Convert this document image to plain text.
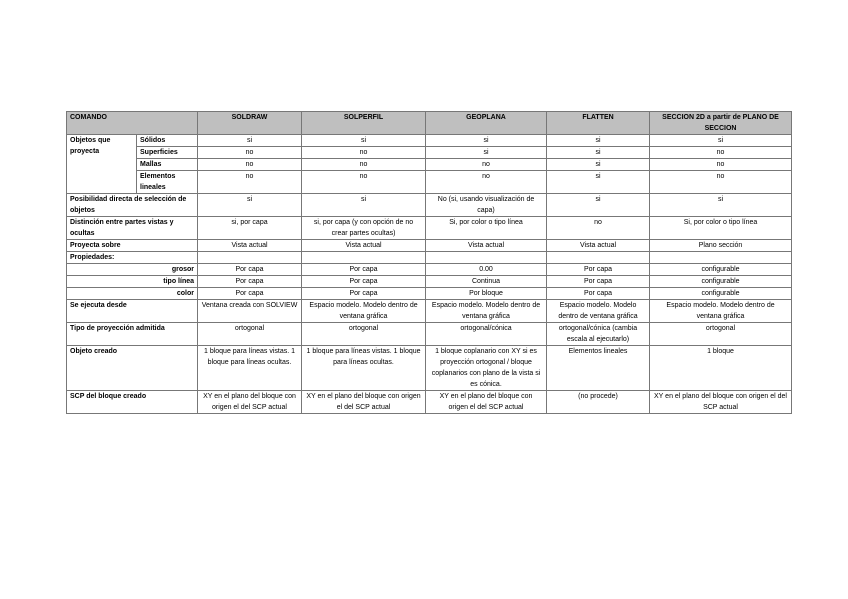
COMANDO		SOLDRAW	SOLPERFIL	GEOPLANA	FLATTEN	SECCION 2D a partir de PLANO DE SECCION
Objetos que proyecta	Sólidos	si	si	si	si	si
	Superficies	no	no	si	si	no
	Mallas	no	no	no	si	no
	Elementos lineales	no	no	no	si	no
Posibilidad directa de selección de objetos		si	si	No (si, usando visualización de capa)	si	si
Distinción entre partes vistas y ocultas		si, por capa	si, por capa (y con opción de no crear partes ocultas)	Si, por color o tipo línea	no	Si, por color o tipo línea
Proyecta sobre		Vista actual	Vista actual	Vista actual	Vista actual	Plano sección
Propiedades:						
grosor		Por capa	Por capa	0.00	Por capa	configurable
tipo línea		Por capa	Por capa	Continua	Por capa	configurable
color		Por capa	Por capa	Por bloque	Por capa	configurable
Se ejecuta desde		Ventana creada con SOLVIEW	Espacio modelo. Modelo dentro de ventana gráfica	Espacio modelo. Modelo dentro de ventana gráfica	Espacio modelo. Modelo dentro de ventana gráfica	Espacio modelo. Modelo dentro de ventana gráfica
Tipo de proyección admitida		ortogonal	ortogonal	ortogonal/cónica	ortogonal/cónica (cambia escala al ejecutarlo)	ortogonal
Objeto creado		1 bloque para líneas vistas. 1 bloque para líneas ocultas.	1 bloque para líneas vistas. 1 bloque para líneas ocultas.	1 bloque coplanario con XY si es proyección ortogonal / bloque coplanarios con plano de la vista si es cónica.	Elementos lineales	1 bloque
SCP del bloque creado		XY en el plano del bloque con origen el del SCP actual	XY en el plano del bloque con origen el del SCP actual	XY en el plano del bloque con origen el del SCP actual	(no procede)	XY en el plano del bloque con origen el del SCP actual
